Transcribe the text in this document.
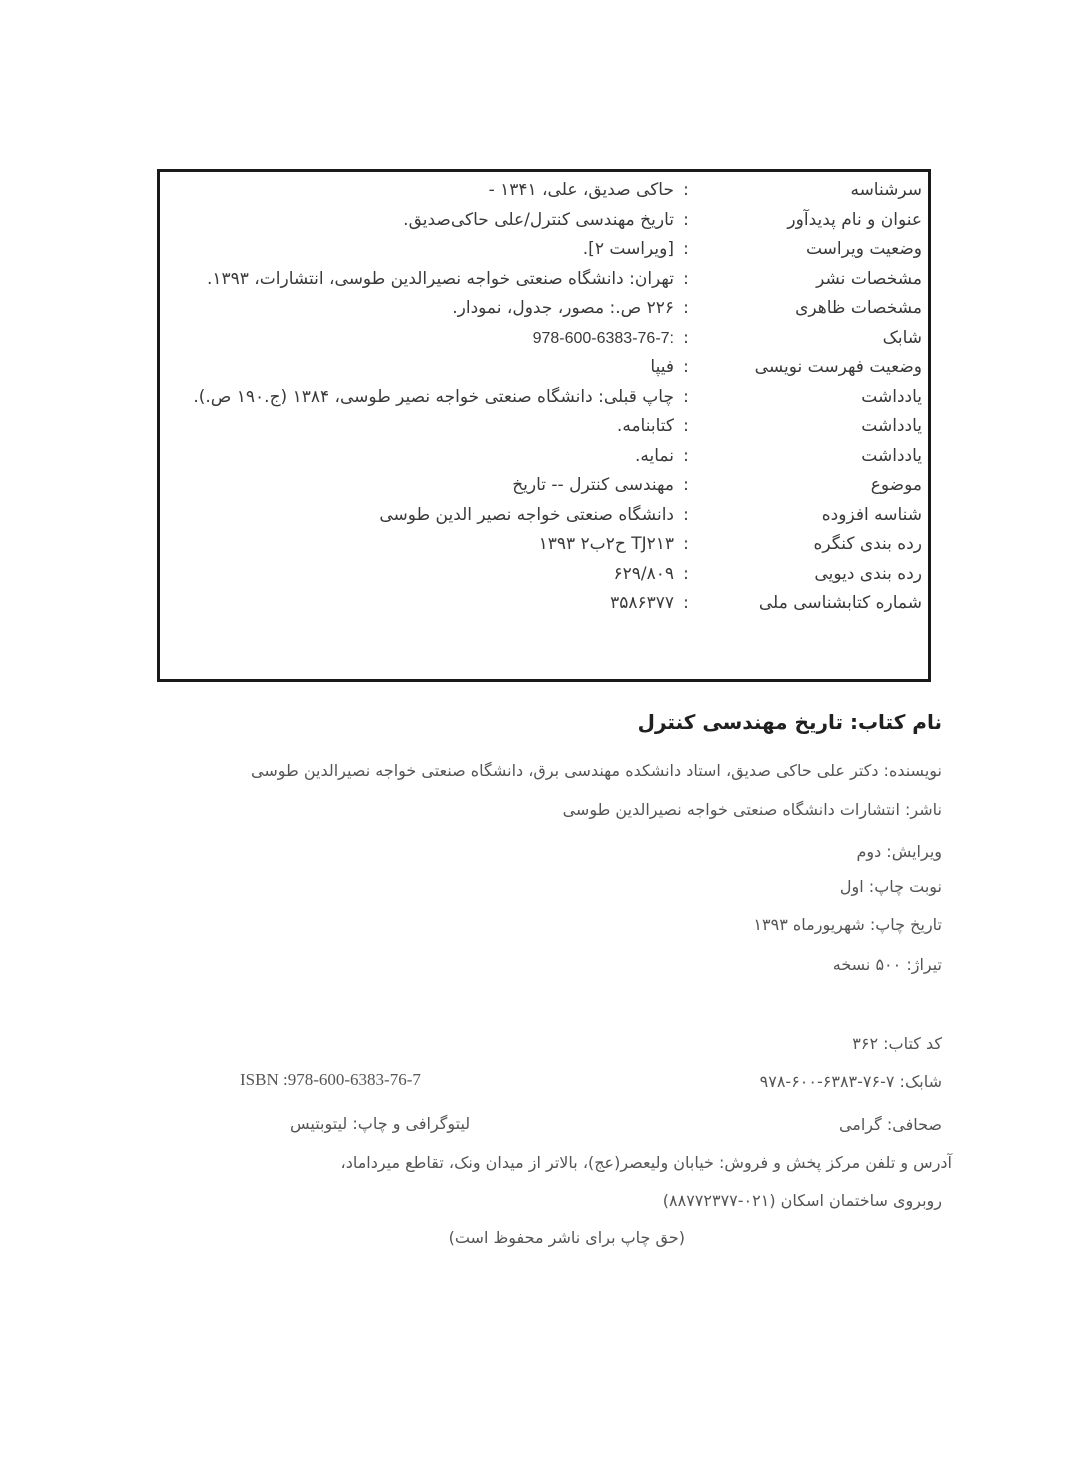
سرشناسه
:
حاکی صدیق، علی، ۱۳۴۱ -
عنوان و نام پدیدآور
:
تاریخ مهندسی کنترل/علی حاکی‌صدیق.
وضعیت ویراست
:
[ویراست ۲].
مشخصات نشر
:
تهران: دانشگاه صنعتی خواجه نصیرالدین طوسی، انتشارات، ۱۳۹۳.
مشخصات ظاهری
:
۲۲۶ ص.: مصور، جدول، نمودار.
شابک
:
978-600-6383-76-7:
وضعیت فهرست نویسی
:
فیپا
یادداشت
:
چاپ قبلی: دانشگاه صنعتی خواجه نصیر طوسی، ۱۳۸۴ (ج.۱۹۰ ص.).
یادداشت
:
کتابنامه.
یادداشت
:
نمایه.
موضوع
:
مهندسی کنترل -- تاریخ
شناسه افزوده
:
دانشگاه صنعتی خواجه نصیر الدین طوسی
رده بندی کنگره
:
TJ۲۱۳ ح۲ب۲ ۱۳۹۳
رده بندی دیویی
:
۶۲۹/۸۰۹
شماره کتابشناسی ملی
:
۳۵۸۶۳۷۷
نام کتاب: تاریخ مهندسی کنترل
نویسنده: دکتر علی حاکی صدیق، استاد دانشکده مهندسی برق، دانشگاه صنعتی خواجه نصیرالدین طوسی
ناشر: انتشارات دانشگاه صنعتی خواجه نصیرالدین طوسی
ویرایش: دوم
نوبت چاپ: اول
تاریخ چاپ: شهریورماه ۱۳۹۳
تیراژ: ۵۰۰ نسخه
کد کتاب: ۳۶۲
شابک: ۷-۷۶-۶۳۸۳-۶۰۰-۹۷۸
ISBN :978-600-6383-76-7
صحافی: گرامی
لیتوگرافی و چاپ: لیتوبتیس
آدرس و تلفن مرکز پخش و فروش: خیابان ولیعصر(عج)، بالاتر از میدان ونک، تقاطع میرداماد،
روبروی ساختمان اسکان (۰۲۱-۸۸۷۷۲۳۷۷)
(حق چاپ برای ناشر محفوظ است)
